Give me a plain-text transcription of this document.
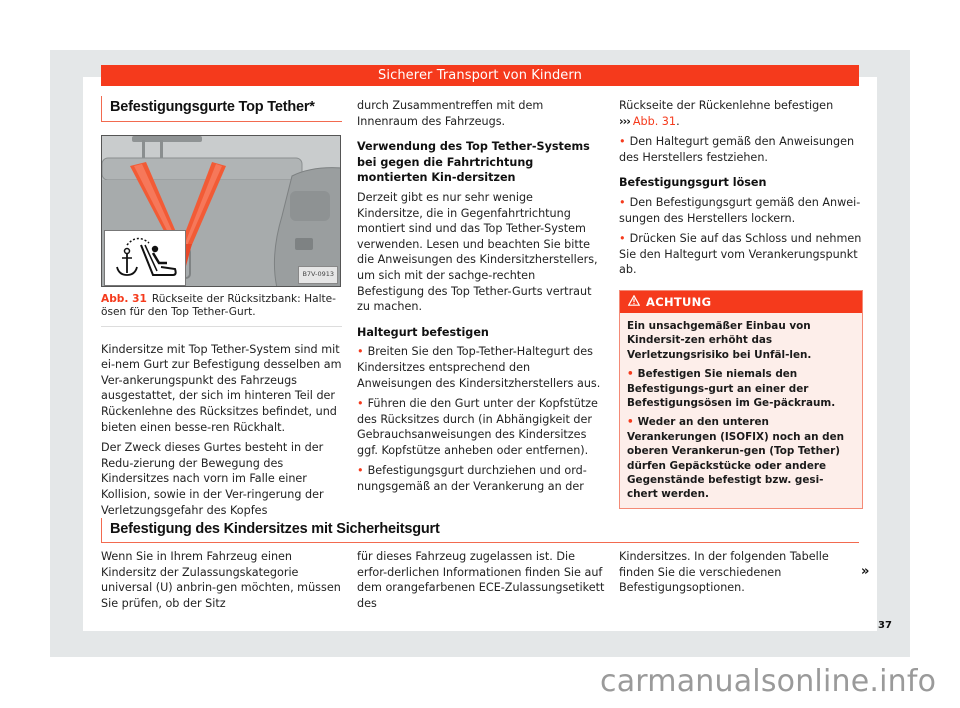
Sicherer Transport von Kindern
Befestigungsgurte Top Tether*
B7V-0913
Abb. 31 Rückseite der Rücksitzbank: Halte-ösen für den Top Tether-Gurt.

Kindersitze mit Top Tether-System sind mit ei-nem Gurt zur Befestigung desselben am Ver-ankerungspunkt des Fahrzeugs ausgestattet, der sich im hinteren Teil der Rückenlehne des Rücksitzes befindet, und bieten einen besse-ren Rückhalt.

Der Zweck dieses Gurtes besteht in der Redu-zierung der Bewegung des Kindersitzes nach vorn im Falle einer Kollision, sowie in der Ver-ringerung der Verletzungsgefahr des Kopfes

durch Zusammentreffen mit dem Innenraum des Fahrzeugs.

Verwendung des Top Tether-Systems bei gegen die Fahrtrichtung montierten Kin-dersitzen

Derzeit gibt es nur sehr wenige Kindersitze, die in Gegenfahrtrichtung montiert sind und das Top Tether-System verwenden. Lesen und beachten Sie bitte die Anweisungen des Kindersitzherstellers, um sich mit der sachge-rechten Befestigung des Top Tether-Gurts vertraut zu machen.

Haltegurt befestigen

• Breiten Sie den Top-Tether-Haltegurt des Kindersitzes entsprechend den Anweisungen des Kindersitzherstellers aus.

• Führen die den Gurt unter der Kopfstütze des Rücksitzes durch (in Abhängigkeit der Gebrauchsanweisungen des Kindersitzes ggf. Kopfstütze anheben oder entfernen).

• Befestigungsgurt durchziehen und ord-nungsgemäß an der Verankerung an der

Rückseite der Rückenlehne befestigen
››› Abb. 31.

• Den Haltegurt gemäß den Anweisungen des Herstellers festziehen.

Befestigungsgurt lösen

• Den Befestigungsgurt gemäß den Anwei-sungen des Herstellers lockern.

• Drücken Sie auf das Schloss und nehmen Sie den Haltegurt vom Verankerungspunkt ab.

ACHTUNG

Ein unsachgemäßer Einbau von Kindersit-zen erhöht das Verletzungsrisiko bei Unfäl-len.

• Befestigen Sie niemals den Befestigungs-gurt an einer der Befestigungsösen im Ge-päckraum.

• Weder an den unteren Verankerungen (ISOFIX) noch an den oberen Verankerun-gen (Top Tether) dürfen Gepäckstücke oder andere Gegenstände befestigt bzw. gesi-chert werden.

Befestigung des Kindersitzes mit Sicherheitsgurt
Wenn Sie in Ihrem Fahrzeug einen Kindersitz der Zulassungskategorie universal (U) anbrin-gen möchten, müssen Sie prüfen, ob der Sitz
für dieses Fahrzeug zugelassen ist. Die erfor-derlichen Informationen finden Sie auf dem orangefarbenen ECE-Zulassungsetikett des
Kindersitzes. In der folgenden Tabelle finden Sie die verschiedenen Befestigungsoptionen.
»
37
carmanualsonline.info
